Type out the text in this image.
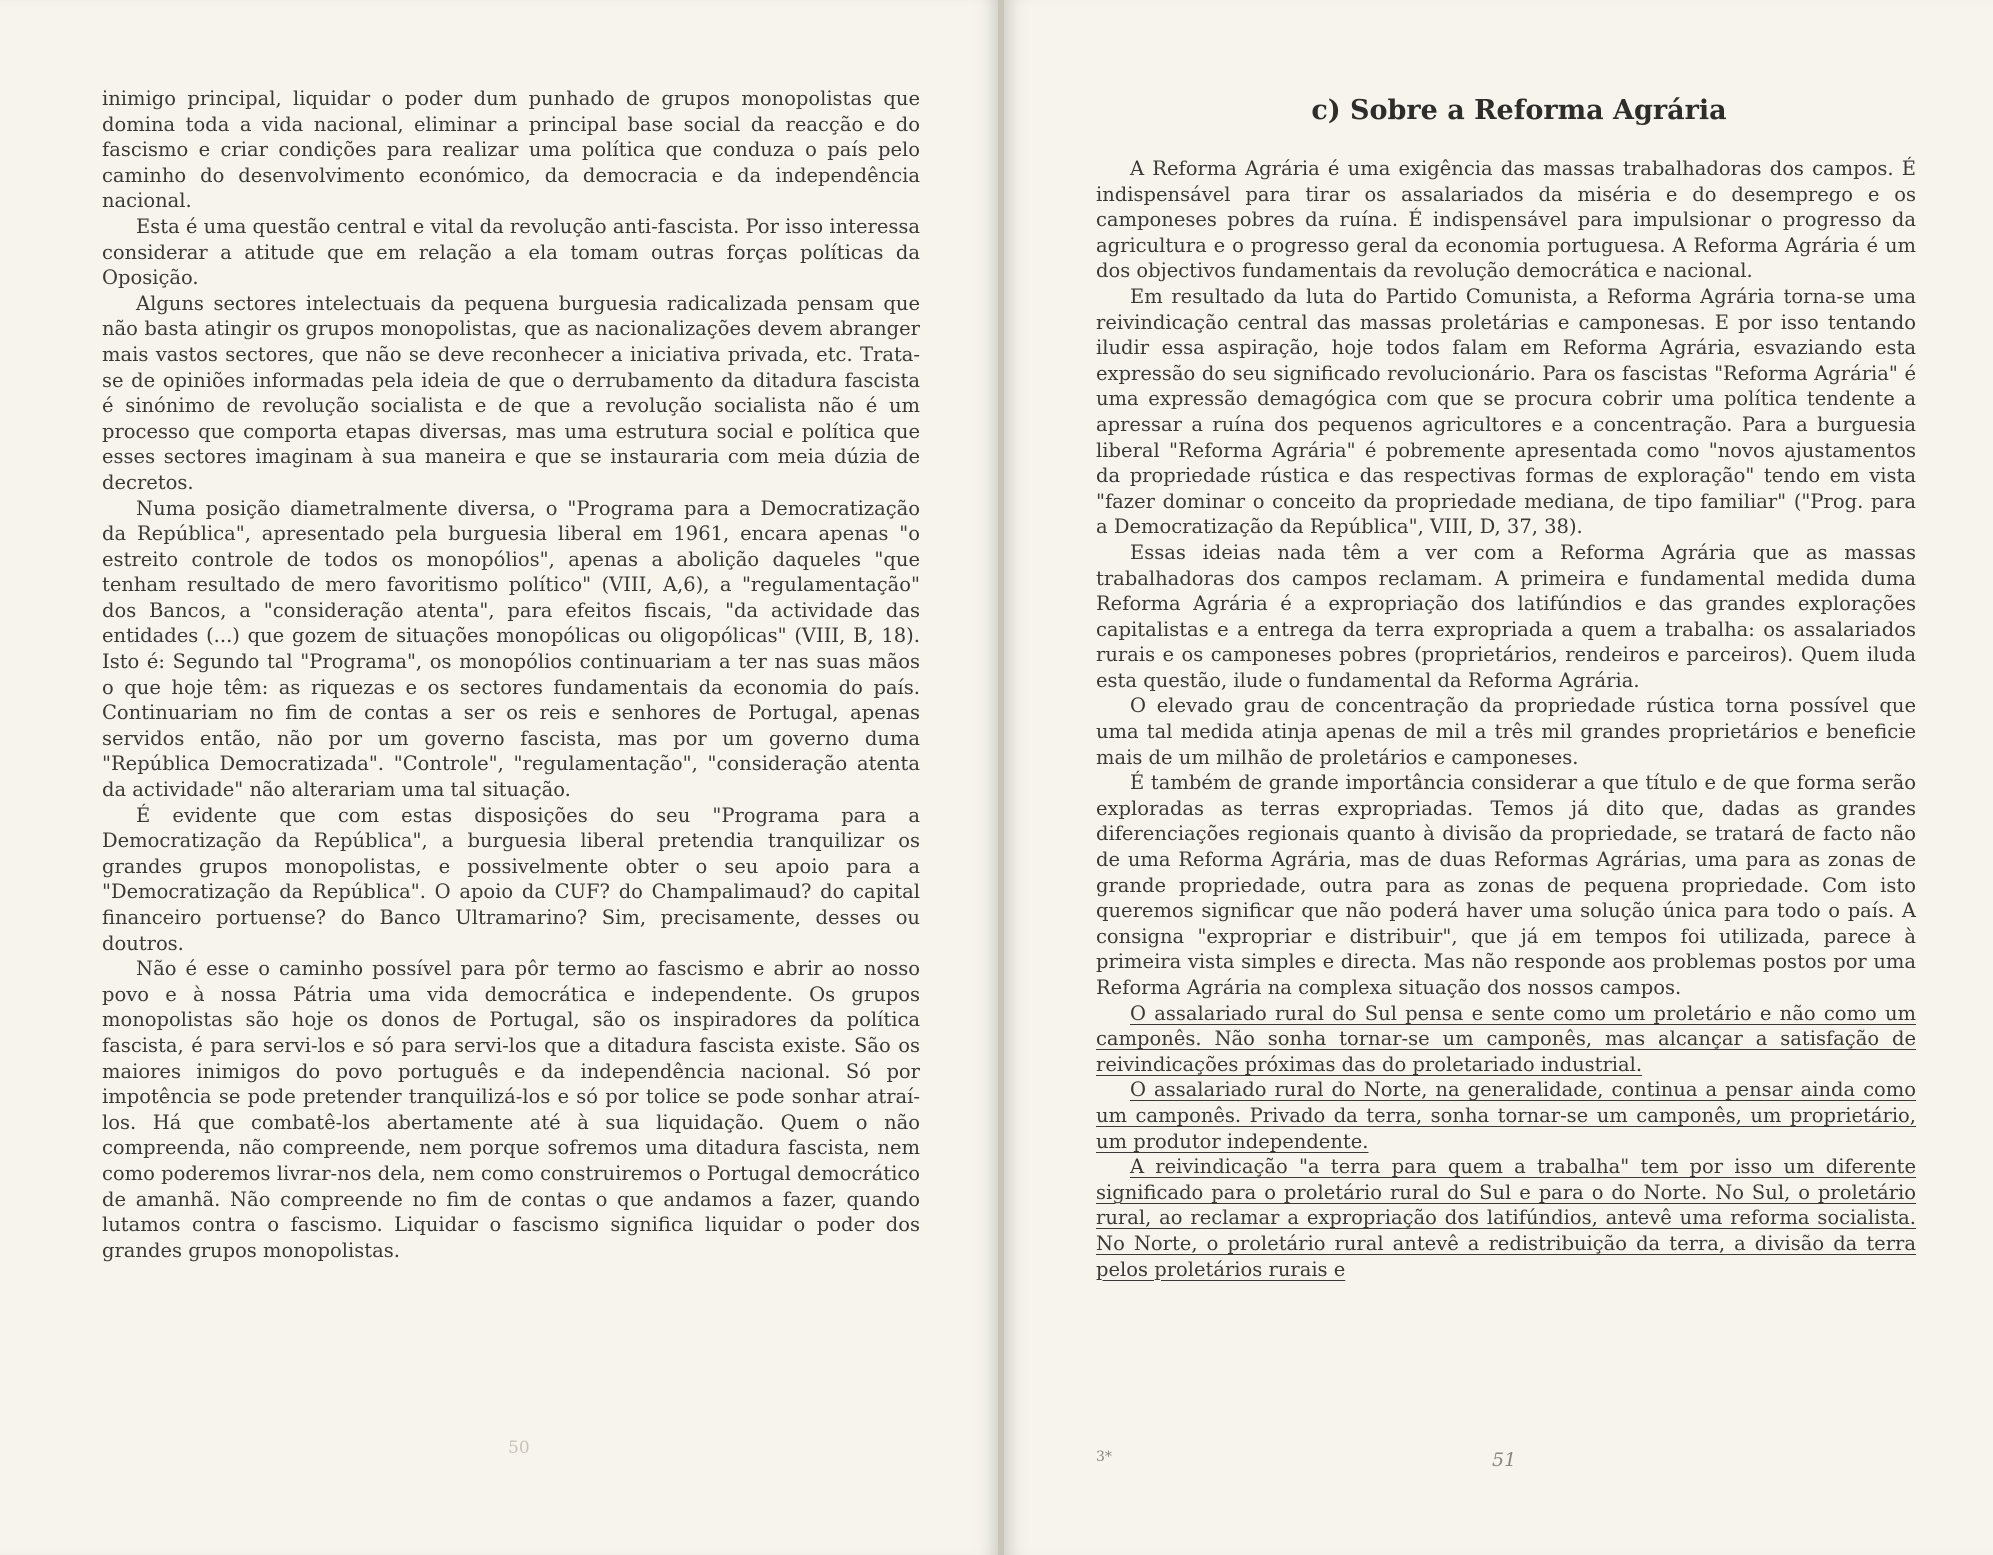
inimigo principal, liquidar o poder dum punhado de grupos monopolistas que domina toda a vida nacional, eliminar a principal base social da reacção e do fascismo e criar condições para realizar uma política que conduza o país pelo caminho do desenvolvimento económico, da democracia e da independência nacional.

Esta é uma questão central e vital da revolução anti-fascista. Por isso interessa considerar a atitude que em relação a ela tomam outras forças políticas da Oposição.

Alguns sectores intelectuais da pequena burguesia radicalizada pensam que não basta atingir os grupos monopolistas, que as nacionalizações devem abranger mais vastos sectores, que não se deve reconhecer a iniciativa privada, etc. Trata-se de opiniões informadas pela ideia de que o derrubamento da ditadura fascista é sinónimo de revolução socialista e de que a revolução socialista não é um processo que comporta etapas diversas, mas uma estrutura social e política que esses sectores imaginam à sua maneira e que se instauraria com meia dúzia de decretos.

Numa posição diametralmente diversa, o "Programa para a Democratização da República", apresentado pela burguesia liberal em 1961, encara apenas "o estreito controle de todos os monopólios", apenas a abolição daqueles "que tenham resultado de mero favoritismo político" (VIII, A,6), a "regulamentação" dos Bancos, a "consideração atenta", para efeitos fiscais, "da actividade das entidades (...) que gozem de situações monopólicas ou oligopólicas" (VIII, B, 18). Isto é: Segundo tal "Programa", os monopólios continuariam a ter nas suas mãos o que hoje têm: as riquezas e os sectores fundamentais da economia do país. Continuariam no fim de contas a ser os reis e senhores de Portugal, apenas servidos então, não por um governo fascista, mas por um governo duma "República Democratizada". "Controle", "regulamentação", "consideração atenta da actividade" não alterariam uma tal situação.

É evidente que com estas disposições do seu "Programa para a Democratização da República", a burguesia liberal pretendia tranquilizar os grandes grupos monopolistas, e possivelmente obter o seu apoio para a "Democratização da República". O apoio da CUF? do Champalimaud? do capital financeiro portuense? do Banco Ultramarino? Sim, precisamente, desses ou doutros.

Não é esse o caminho possível para pôr termo ao fascismo e abrir ao nosso povo e à nossa Pátria uma vida democrática e independente. Os grupos monopolistas são hoje os donos de Portugal, são os inspiradores da política fascista, é para servi-los e só para servi-los que a ditadura fascista existe. São os maiores inimigos do povo português e da independência nacional. Só por impotência se pode pretender tranquilizá-los e só por tolice se pode sonhar atraí-los. Há que combatê-los abertamente até à sua liquidação. Quem o não compreenda, não compreende, nem porque sofremos uma ditadura fascista, nem como poderemos livrar-nos dela, nem como construiremos o Portugal democrático de amanhã. Não compreende no fim de contas o que andamos a fazer, quando lutamos contra o fascismo. Liquidar o fascismo significa liquidar o poder dos grandes grupos monopolistas.

50
c) Sobre a Reforma Agrária

A Reforma Agrária é uma exigência das massas trabalhadoras dos campos. É indispensável para tirar os assalariados da miséria e do desemprego e os camponeses pobres da ruína. É indispensável para impulsionar o progresso da agricultura e o progresso geral da economia portuguesa. A Reforma Agrária é um dos objectivos fundamentais da revolução democrática e nacional.

Em resultado da luta do Partido Comunista, a Reforma Agrária tornа-se uma reivindicação central das massas proletárias e camponesas. E por isso tentando iludir essa aspiração, hoje todos falam em Reforma Agrária, esvaziando esta expressão do seu significado revolucionário. Para os fascistas "Reforma Agrária" é uma expressão demagógica com que se procura cobrir uma política tendente a apressar a ruína dos pequenos agricultores e a concentração. Para a burguesia liberal "Reforma Agrária" é pobremente apresentada como "novos ajustamentos da propriedade rústica e das respectivas formas de exploração" tendo em vista "fazer dominar o conceito da propriedade mediana, de tipo familiar" ("Prog. para a Democratização da República", VIII, D, 37, 38).

Essas ideias nada têm a ver com a Reforma Agrária que as massas trabalhadoras dos campos reclamam. A primeira e fundamental medida duma Reforma Agrária é a expropriação dos latifúndios e das grandes explorações capitalistas e a entrega da terra expropriada a quem a trabalha: os assalariados rurais e os camponeses pobres (proprietários, rendeiros e parceiros). Quem iluda esta questão, ilude o fundamental da Reforma Agrária.

O elevado grau de concentração da propriedade rústica torna possível que uma tal medida atinja apenas de mil a três mil grandes proprietários e beneficie mais de um milhão de proletários e camponeses.

É também de grande importância considerar a que título e de que forma serão exploradas as terras expropriadas. Temos já dito que, dadas as grandes diferenciações regionais quanto à divisão da propriedade, se tratará de facto não de uma Reforma Agrária, mas de duas Reformas Agrárias, uma para as zonas de grande propriedade, outra para as zonas de pequena propriedade. Com isto queremos significar que não poderá haver uma solução única para todo o país. A consigna "expropriar e distribuir", que já em tempos foi utilizada, parece à primeira vista simples e directa. Mas não responde aos problemas postos por uma Reforma Agrária na complexa situação dos nossos campos.

O assalariado rural do Sul pensa e sente como um proletário e não como um camponês. Não sonha tornar-se um camponês, mas alcançar a satisfação de reivindicações próximas das do proletariado industrial.

O assalariado rural do Norte, na generalidade, continua a pensar ainda como um camponês. Privado da terra, sonha tornar-se um camponês, um proprietário, um produtor independente.

A reivindicação "a terra para quem a trabalha" tem por isso um diferente significado para o proletário rural do Sul e para o do Norte. No Sul, o proletário rural, ao reclamar a expropriação dos latifúndios, antevê uma reforma socialista. No Norte, o proletário rural antevê a redistribuição da terra, a divisão da terra pelos proletários rurais e

3*	51
